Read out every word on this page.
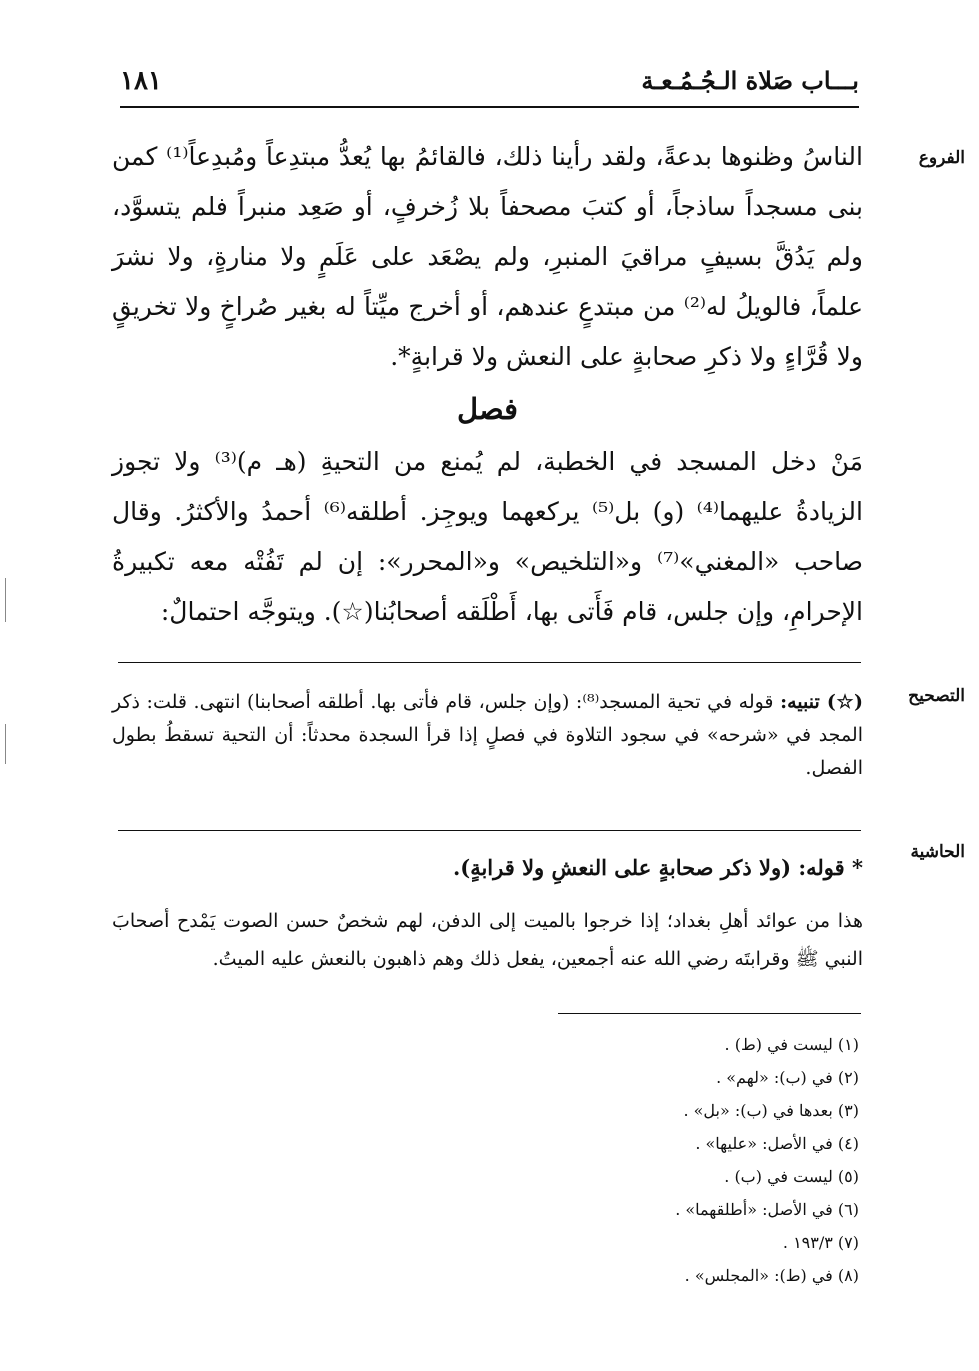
١٨١	بـــاب صَلاة الـجُـمُـعـة
الفروع
الناسُ وظنوها بدعةً، ولقد رأينا ذلك، فالقائمُ بها يُعدُّ مبتدِعاً ومُبدِعاً⁽¹⁾ كمن بنى مسجداً ساذجاً، أو كتبَ مصحفاً بلا زُخرفٍ، أو صَعِد منبراً فلم يتسوَّد، ولم يَدُقَّ بسيفٍ مراقيَ المنبرِ، ولم يصْعَد على عَلَمٍ ولا منارةٍ، ولا نشرَ علماً، فالويلُ له⁽²⁾ من مبتدعٍ عندهم، أو أخرج ميِّتاً له بغير صُراخٍ ولا تخريقٍ ولا قُرَّاءٍ ولا ذكرِ صحابةٍ على النعش ولا قرابةٍ*.
فصل
مَنْ دخل المسجد في الخطبة، لم يُمنع من التحيةِ (هـ م)⁽³⁾ ولا تجوز الزيادةُ عليهما⁽⁴⁾ (و) بل⁽⁵⁾ يركعهما ويوجِز. أطلقه⁽⁶⁾ أحمدُ والأكثرُ. وقال صاحب «المغني»⁽⁷⁾ و«التلخيص» و«المحرر»: إن لم تَفُتْه معه تكبيرةُ الإحرامِ، وإن جلس، قام فَأَتى بها، أَطْلَقه أصحابُنا(☆). ويتوجَّه احتمالٌ:
التصحيح
(☆) تنبيه: قوله في تحية المسجد⁽⁸⁾: (وإن جلس، قام فأتى بها. أطلقه أصحابنا) انتهى. قلت: ذكر المجد في «شرحه» في سجود التلاوة في فصلٍ إذا قرأ السجدة محدثاً: أن التحية تسقطُ بطول الفصل.
الحاشية
* قوله: (ولا ذكر صحابةٍ على النعشِ ولا قرابةٍ).
هذا من عوائد أهلِ بغداد؛ إذا خرجوا بالميت إلى الدفن، لهم شخصٌ حسن الصوت يَمْدح أصحابَ النبي ﷺ وقرابتَه رضي الله عنه أجمعين، يفعل ذلك وهم ذاهبون بالنعش عليه الميتُ.
(١) ليست في (ط) .
(٢) في (ب): «لهم» .
(٣) بعدها في (ب): «بل» .
(٤) في الأصل: «عليها» .
(٥) ليست في (ب) .
(٦) في الأصل: «أطلقهما» .
(٧) ١٩٣/٣ .
(٨) في (ط): «المجلس» .
